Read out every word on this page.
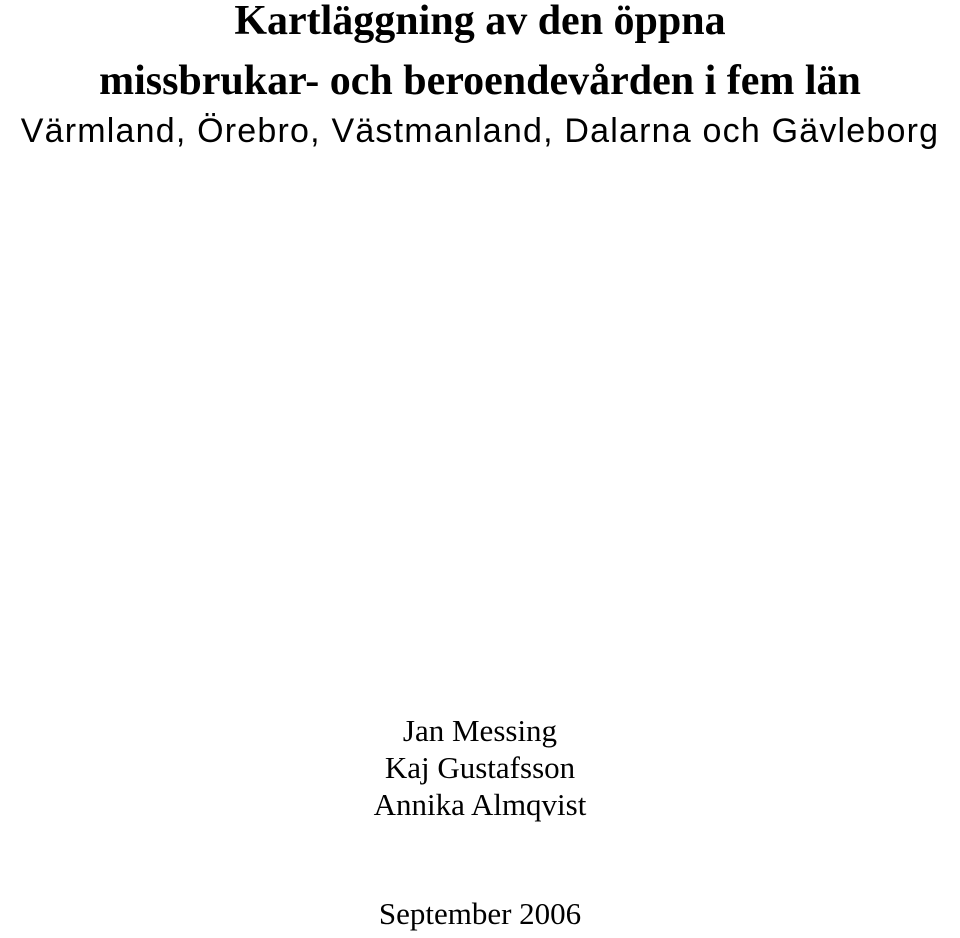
Kartläggning av den öppna
missbrukar- och beroendevården i fem län
Värmland, Örebro, Västmanland, Dalarna och Gävleborg
Jan Messing
Kaj Gustafsson
Annika Almqvist
September 2006
